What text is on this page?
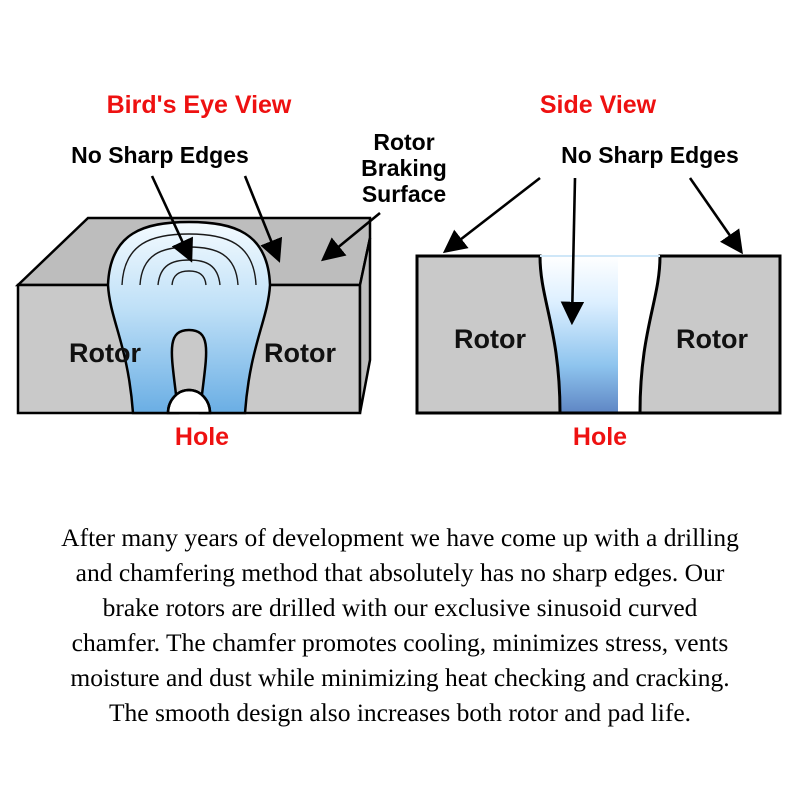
Bird's Eye View
No Sharp Edges	Rotor
Braking
Surface
Rotor	Rotor
Hole
Side View
No Sharp Edges
Rotor	Rotor
Hole
After many years of development we have come up with a drilling
and chamfering method that absolutely has no sharp edges. Our
brake rotors are drilled with our exclusive sinusoid curved
chamfer. The chamfer promotes cooling, minimizes stress, vents
moisture and dust while minimizing heat checking and cracking.
The smooth design also increases both rotor and pad life.
